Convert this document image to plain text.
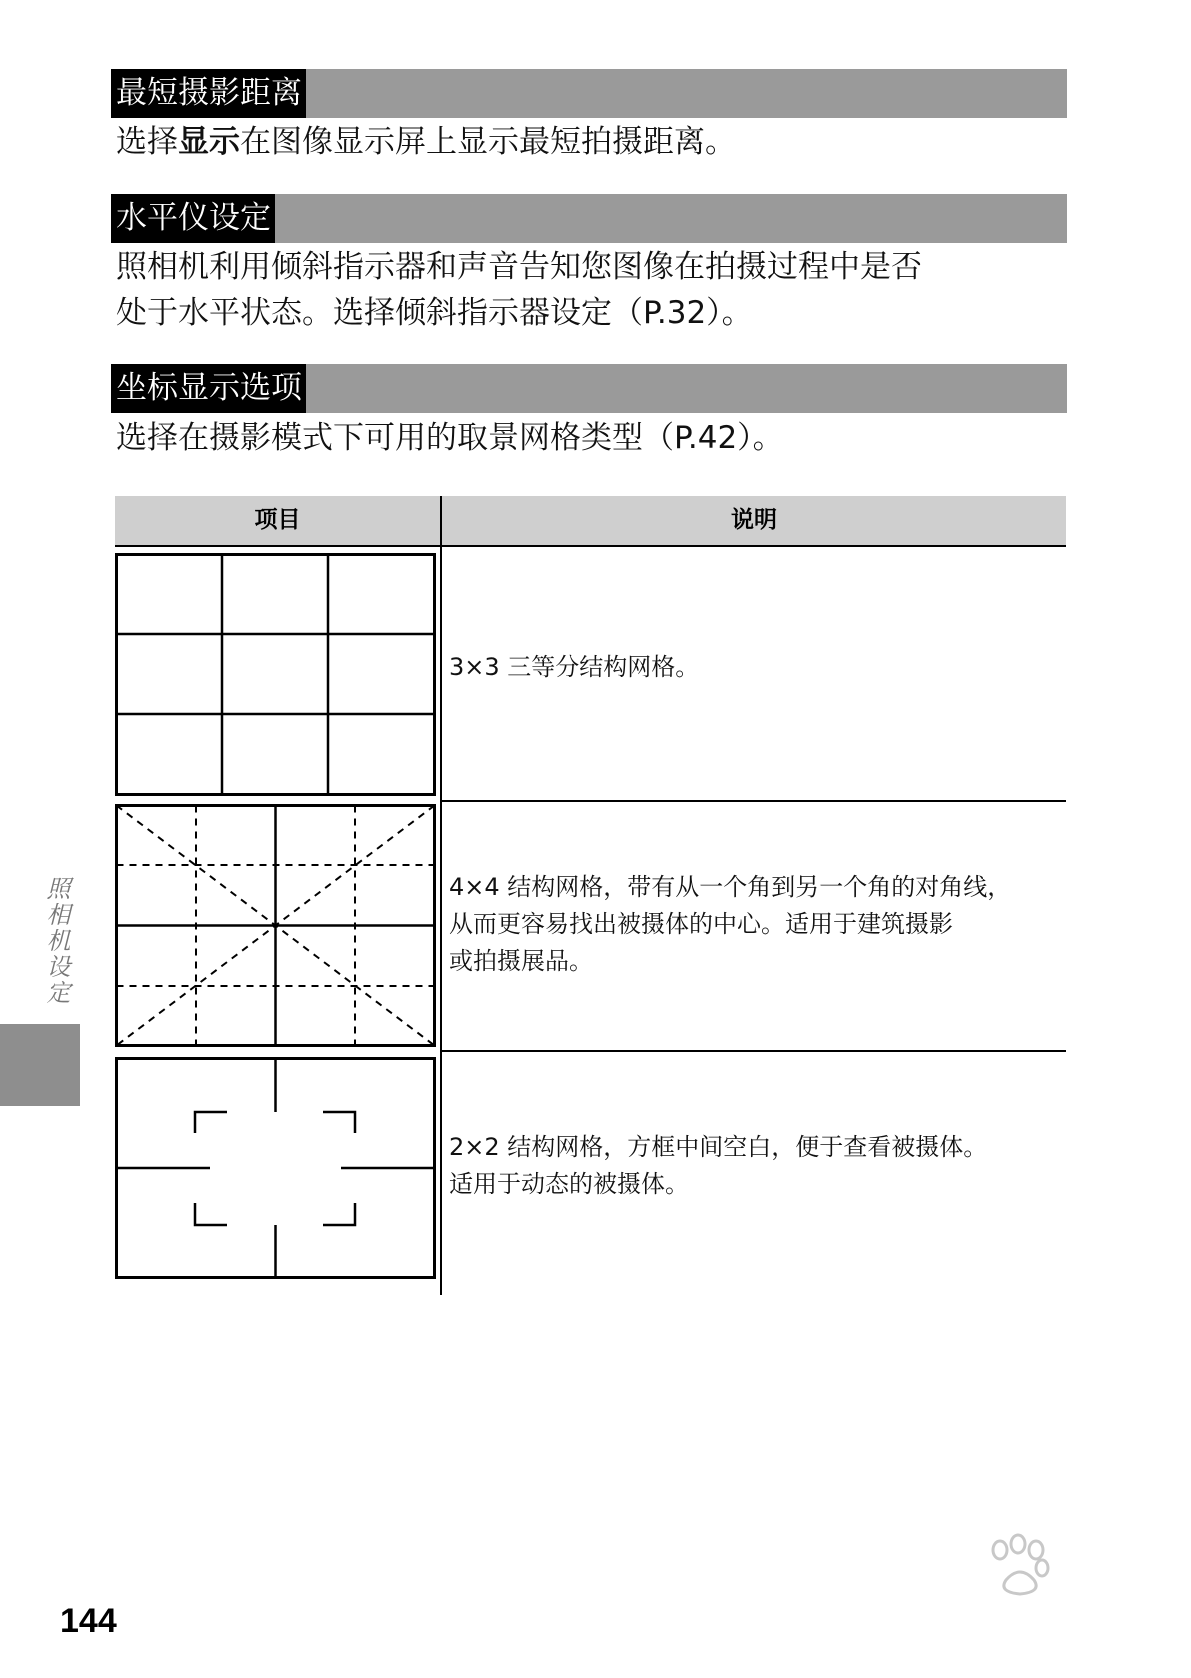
最短摄影距离
选择显示在图像显示屏上显示最短拍摄距离。
水平仪设定
照相机利用倾斜指示器和声音告知您图像在拍摄过程中是否
处于水平状态。选择倾斜指示器设定（P.32）。
坐标显示选项
选择在摄影模式下可用的取景网格类型（P.42）。
项目	说明
3×3 三等分结构网格。
4×4 结构网格，带有从一个角到另一个角的对角线，
从而更容易找出被摄体的中心。适用于建筑摄影
或拍摄展品。
2×2 结构网格，方框中间空白，便于查看被摄体。
适用于动态的被摄体。
照相机设定
144
